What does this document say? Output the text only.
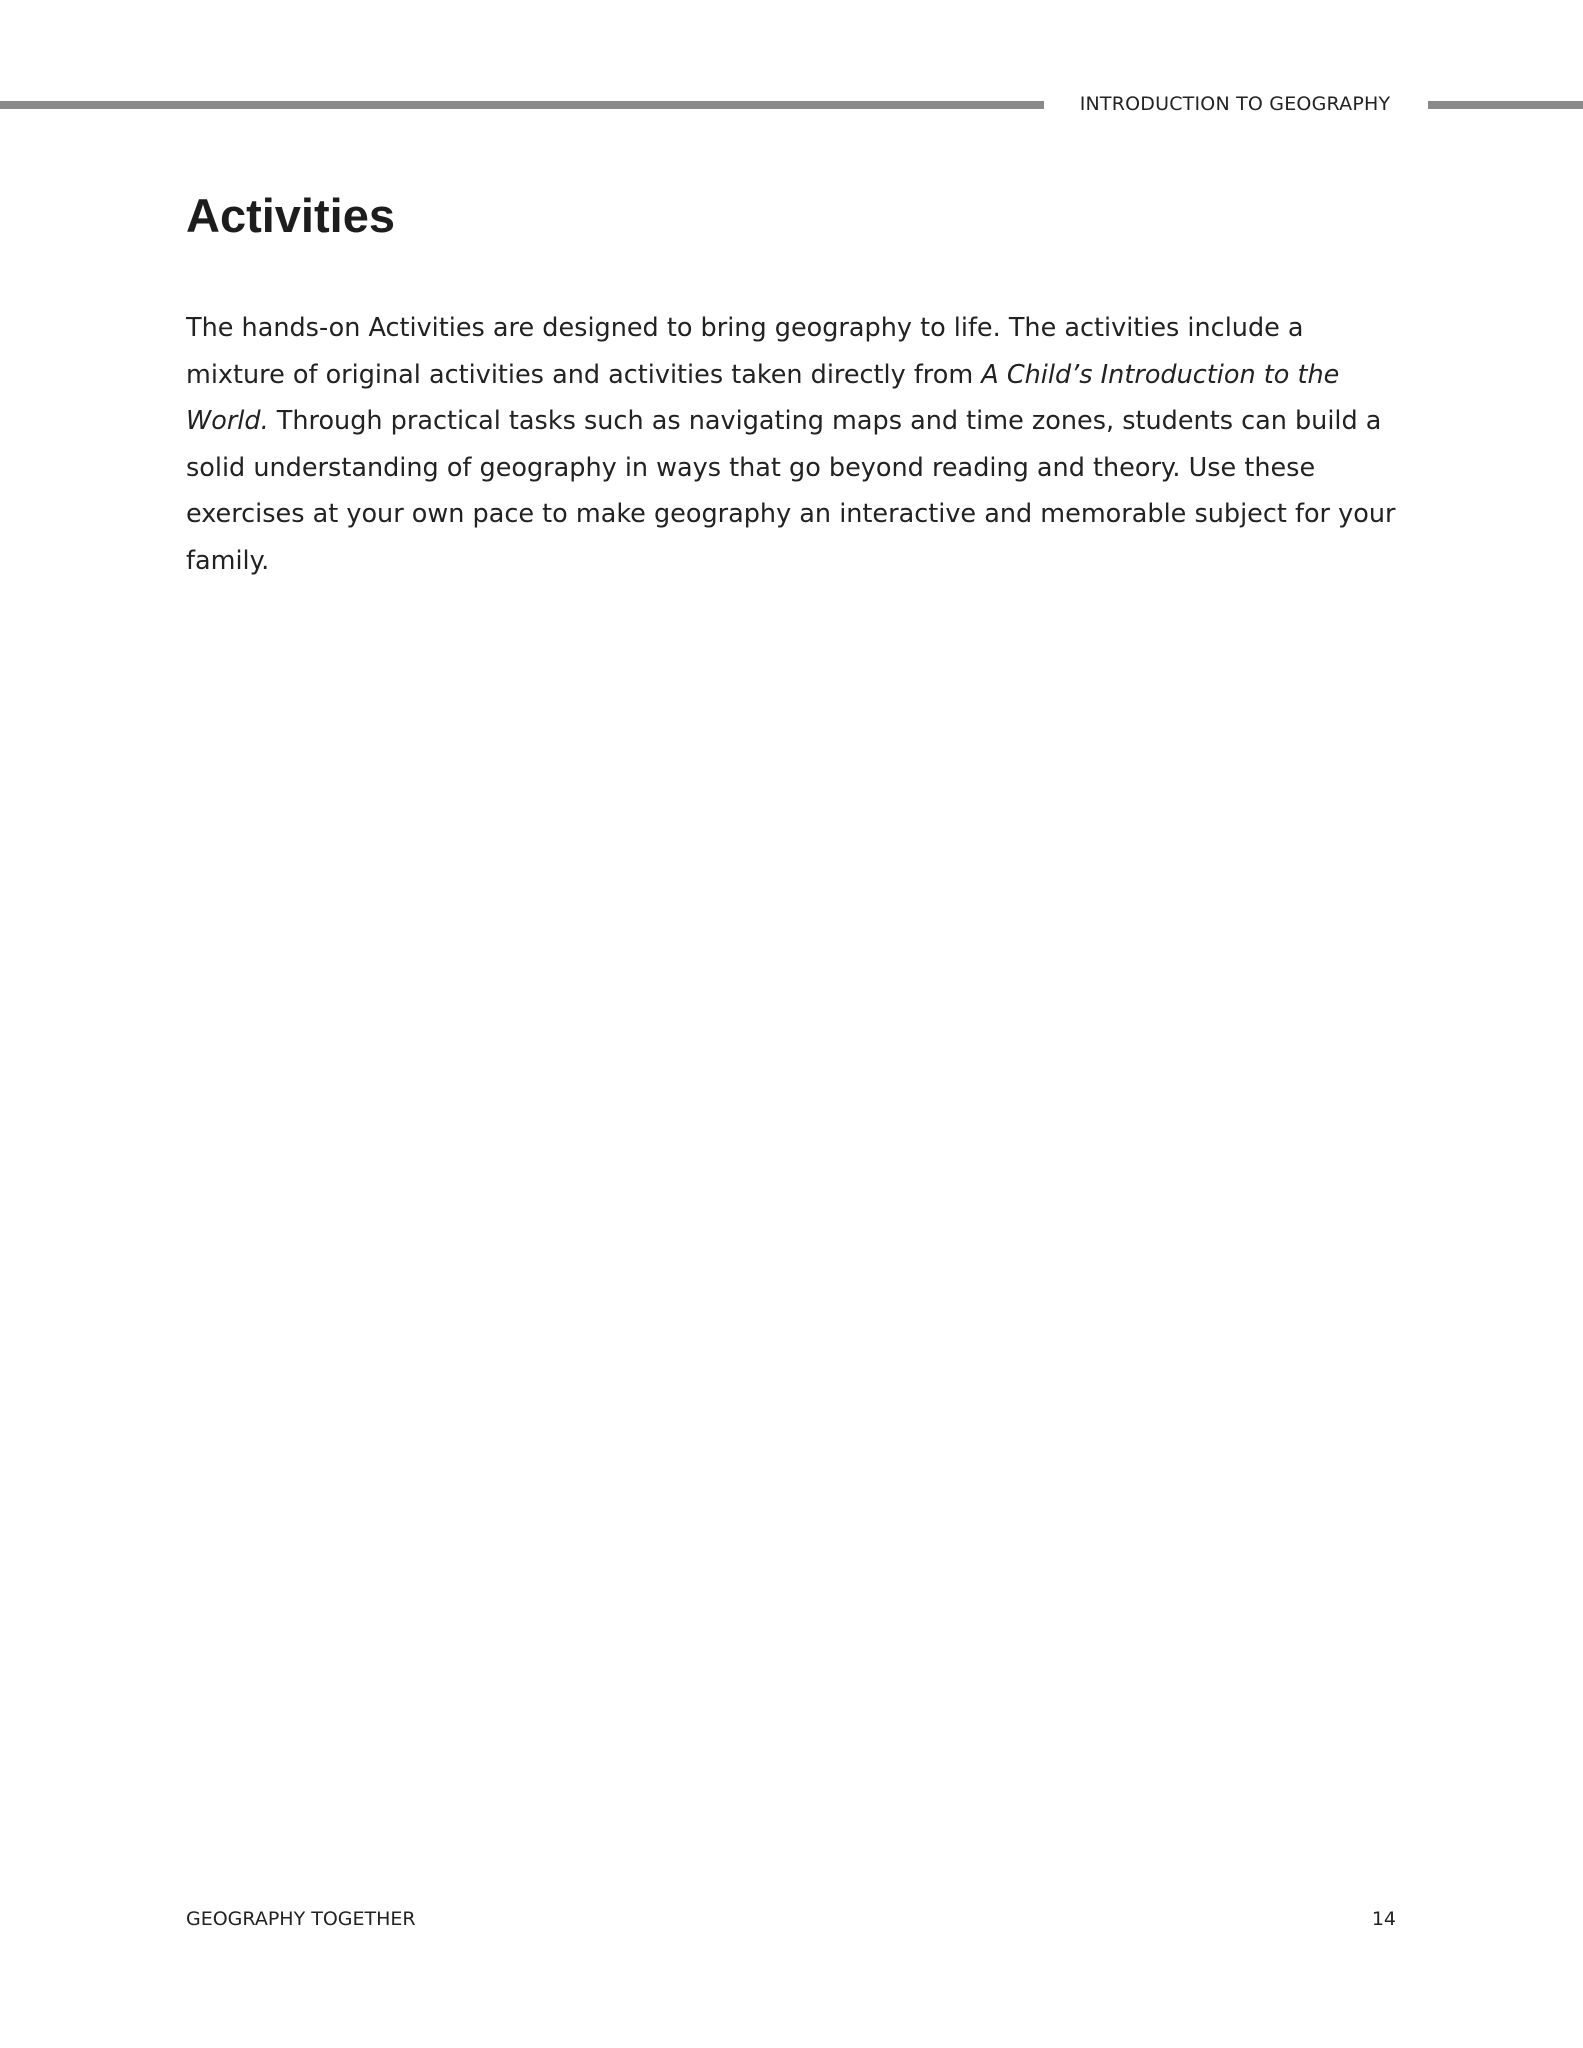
INTRODUCTION TO GEOGRAPHY
Activities

The hands-on Activities are designed to bring geography to life. The activities include a mixture of original activities and activities taken directly from A Child’s Introduction to the World. Through practical tasks such as navigating maps and time zones, students can build a solid understanding of geography in ways that go beyond reading and theory. Use these exercises at your own pace to make geography an interactive and memorable subject for your family.

GEOGRAPHY TOGETHER	14
